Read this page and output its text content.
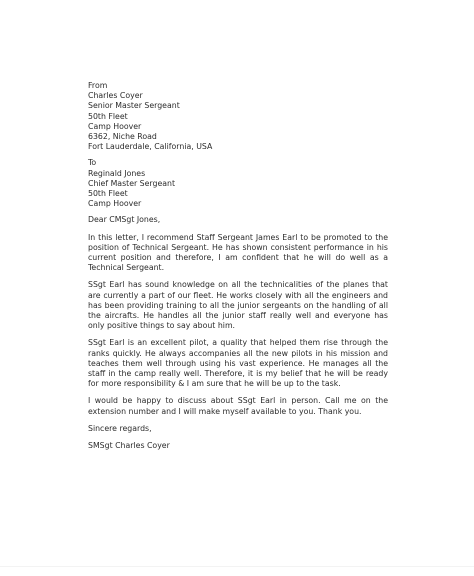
From
Charles Coyer
Senior Master Sergeant
50th Fleet
Camp Hoover
6362, Niche Road
Fort Lauderdale, California, USA
To
Reginald Jones
Chief Master Sergeant
50th Fleet
Camp Hoover

Dear CMSgt Jones,

In this letter, I recommend Staff Sergeant James Earl to be promoted to the position of Technical Sergeant. He has shown consistent performance in his current position and therefore, I am confident that he will do well as a Technical Sergeant.

SSgt Earl has sound knowledge on all the technicalities of the planes that are currently a part of our fleet. He works closely with all the engineers and has been providing training to all the junior sergeants on the handling of all the aircrafts. He handles all the junior staff really well and everyone has only positive things to say about him.

SSgt Earl is an excellent pilot, a quality that helped them rise through the ranks quickly. He always accompanies all the new pilots in his mission and teaches them well through using his vast experience. He manages all the staff in the camp really well. Therefore, it is my belief that he will be ready for more responsibility & I am sure that he will be up to the task.

I would be happy to discuss about SSgt Earl in person. Call me on the extension number and I will make myself available to you. Thank you.

Sincere regards,

SMSgt Charles Coyer
